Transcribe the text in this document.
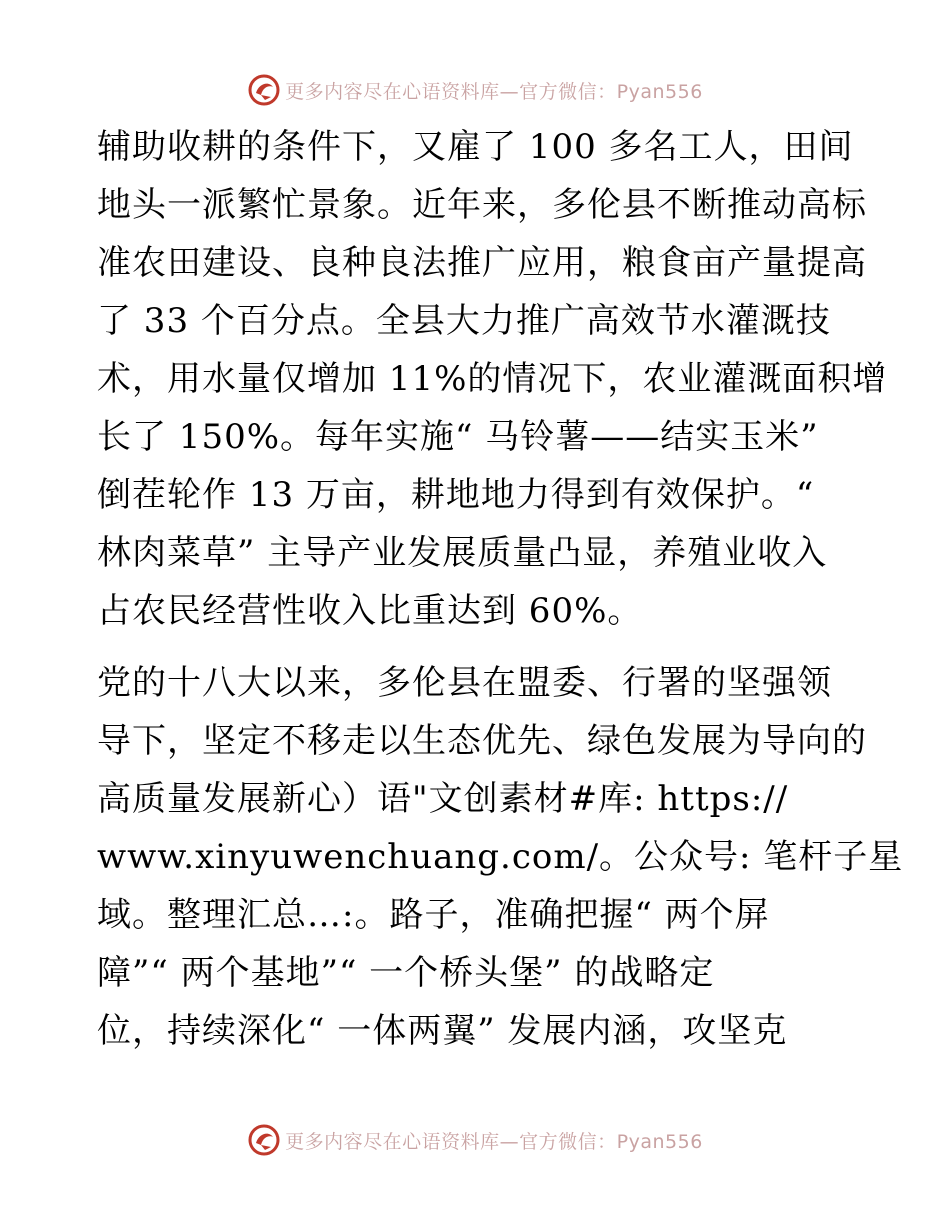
更多内容尽在心语资料库—官方微信：Pyan556
辅助收耕的条件下，又雇了 100 多名工人，田间
地头一派繁忙景象。近年来，多伦县不断推动高标
准农田建设、良种良法推广应用，粮食亩产量提高
了 33 个百分点。全县大力推广高效节水灌溉技
术，用水量仅增加 11%的情况下，农业灌溉面积增
长了 150%。每年实施“ 马铃薯——结实玉米”
倒茬轮作 13 万亩，耕地地力得到有效保护。“
林肉菜草” 主导产业发展质量凸显，养殖业收入
占农民经营性收入比重达到 60%。
党的十八大以来，多伦县在盟委、行署的坚强领
导下，坚定不移走以生态优先、绿色发展为导向的
高质量发展新心）语"文创素材#库: https://
www.xinyuwenchuang.com/。公众号: 笔杆子星
域。整理汇总…:。路子，准确把握“ 两个屏
障”“ 两个基地”“ 一个桥头堡” 的战略定
位，持续深化“ 一体两翼” 发展内涵，攻坚克
更多内容尽在心语资料库—官方微信：Pyan556
